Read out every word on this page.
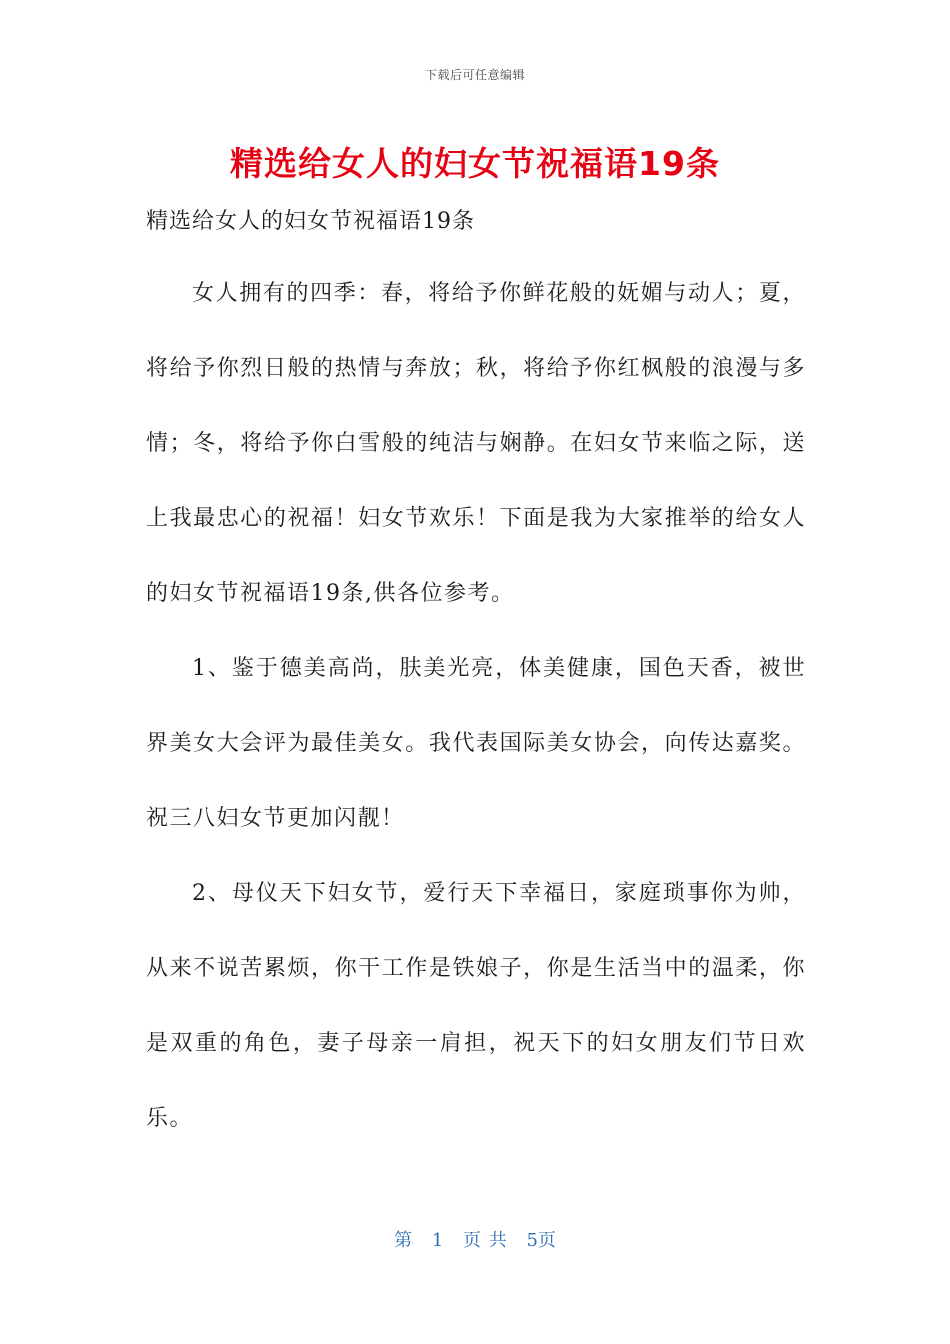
下载后可任意编辑
精选给女人的妇女节祝福语19条
精选给女人的妇女节祝福语19条

女人拥有的四季：春，将给予你鲜花般的妩媚与动人；夏，将给予你烈日般的热情与奔放；秋，将给予你红枫般的浪漫与多情；冬，将给予你白雪般的纯洁与娴静。在妇女节来临之际，送上我最忠心的祝福！妇女节欢乐！下面是我为大家推举的给女人的妇女节祝福语19条,供各位参考。

1、鉴于德美高尚，肤美光亮，体美健康，国色天香，被世界美女大会评为最佳美女。我代表国际美女协会，向传达嘉奖。祝三八妇女节更加闪靓！

2、母仪天下妇女节，爱行天下幸福日，家庭琐事你为帅，从来不说苦累烦，你干工作是铁娘子，你是生活当中的温柔，你是双重的角色，妻子母亲一肩担，祝天下的妇女朋友们节日欢乐。

第 1 页 共 5页
